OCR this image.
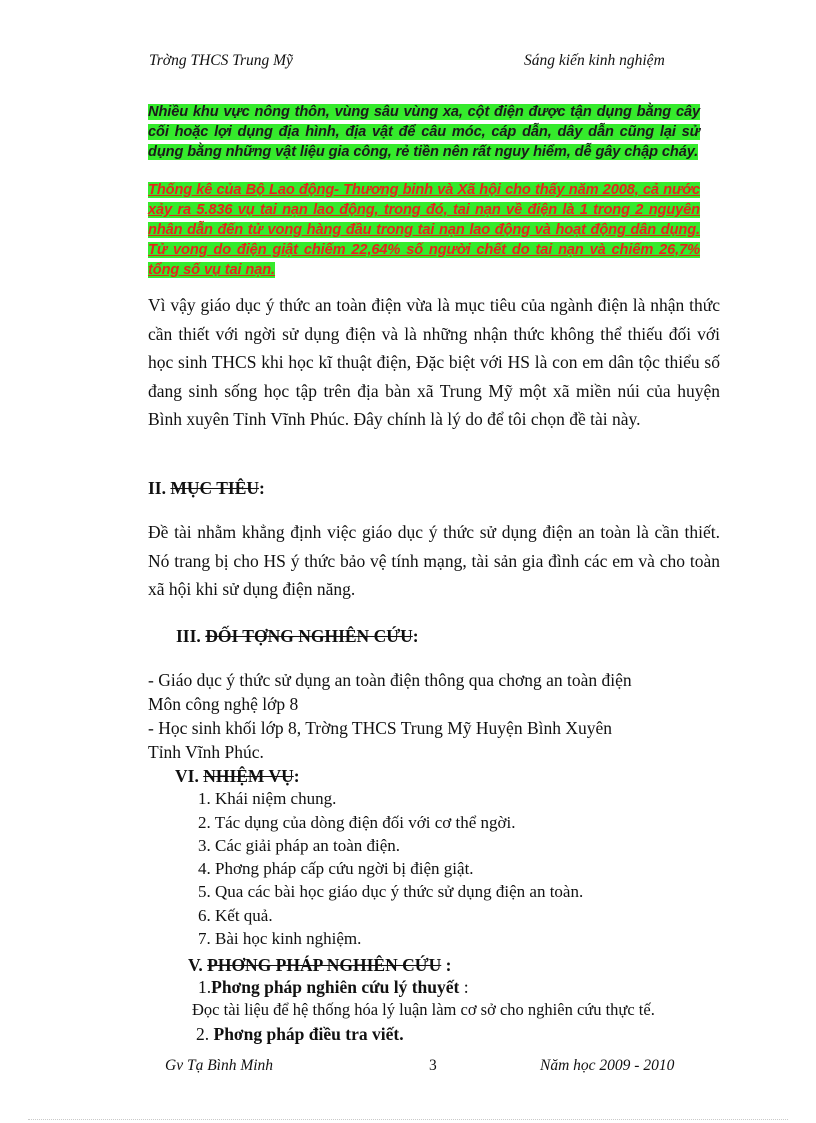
Trờng THCS Trung Mỹ	Sáng kiến kinh nghiệm
Nhiều khu vực nông thôn, vùng sâu vùng xa, cột điện được tận dụng bằng cây cối hoặc lợi dụng địa hình, địa vật để câu móc, cáp dẫn, dây dẫn cũng lại sử dụng bằng những vật liệu gia công, rẻ tiền nên rất nguy hiểm, dễ gây chập cháy.
Thống kê của Bộ Lao động- Thương binh và Xã hội cho thấy năm 2008, cả nước xảy ra 5.836 vụ tai nạn lao động, trong đó, tai nạn về điện là 1 trong 2 nguyên nhân dẫn đến tử vong hàng đầu trong tai nạn lao động và hoạt động dân dụng. Tử vong do điện giật chiếm 22,64% số người chết do tai nạn và chiếm 26,7% tổng số vụ tai nạn.
Vì vậy giáo dục ý thức an toàn điện vừa là mục tiêu của ngành điện là nhận thức cần thiết với ngời sử dụng điện và là những nhận thức không thể thiếu đối với học sinh THCS khi học kĩ thuật điện, Đặc biệt với HS là con em dân tộc thiểu số đang sinh sống học tập trên địa bàn xã Trung Mỹ một xã miền núi của huyện Bình xuyên Tỉnh Vĩnh Phúc. Đây chính là lý do để tôi chọn đề tài này.
II. MỤC TIÊU:
Đề tài nhằm khẳng định việc giáo dục ý thức sử dụng điện an toàn là cần thiết. Nó trang bị cho HS ý thức bảo vệ tính mạng, tài sản gia đình các em và cho toàn xã hội khi sử dụng điện năng.
III. ĐỐI TỢNG NGHIÊN CỨU:
- Giáo dục ý thức sử dụng an toàn điện thông qua chơng an toàn điện
Môn công nghệ lớp 8
- Học sinh khối lớp 8, Trờng THCS Trung Mỹ Huyện Bình Xuyên
Tỉnh Vĩnh Phúc.
VI. NHIỆM VỤ:
1. Khái niệm chung.
2. Tác dụng của dòng điện đối với cơ thể ngời.
3. Các giải pháp an toàn điện.
4. Phơng pháp cấp cứu ngời bị điện giật.
5. Qua các bài học giáo dục ý thức sử dụng điện an toàn.
6. Kết quả.
7. Bài học kinh nghiệm.
V. PHƠNG PHÁP NGHIÊN CỨU :
1.Phơng pháp nghiên cứu lý thuyết :
Đọc tài liệu để hệ thống hóa lý luận làm cơ sở cho nghiên cứu thực tế.
2. Phơng pháp điều tra viết.
Gv Tạ Bình Minh	3	Năm học 2009 - 2010
